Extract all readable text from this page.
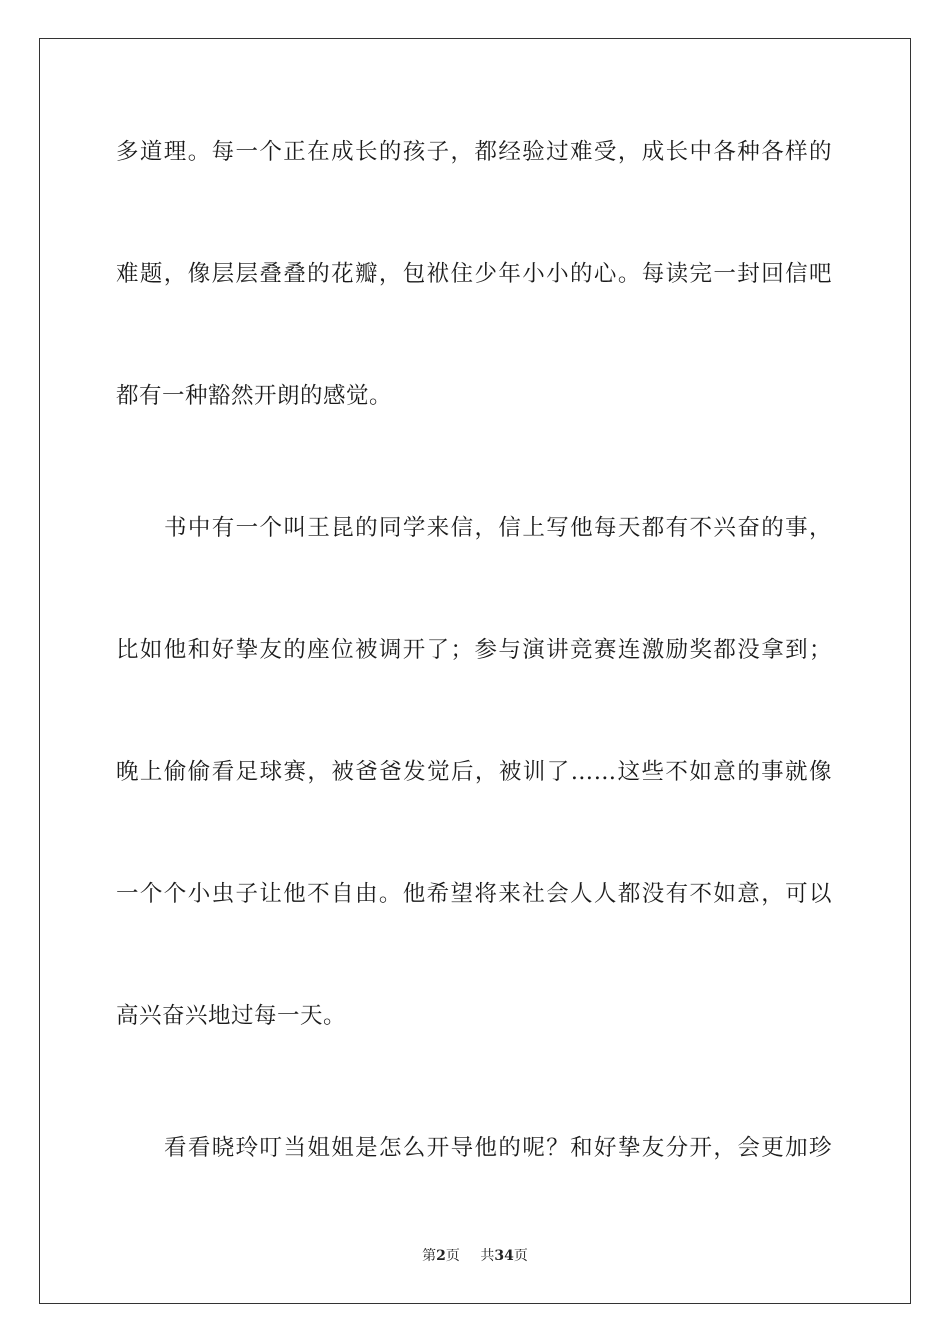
多道理。每一个正在成长的孩子，都经验过难受，成长中各种各样的
难题，像层层叠叠的花瓣，包袱住少年小小的心。每读完一封回信吧
都有一种豁然开朗的感觉。
书中有一个叫王昆的同学来信，信上写他每天都有不兴奋的事，
比如他和好挚友的座位被调开了；参与演讲竞赛连激励奖都没拿到；
晚上偷偷看足球赛，被爸爸发觉后，被训了……这些不如意的事就像
一个个小虫子让他不自由。他希望将来社会人人都没有不如意，可以
高兴奋兴地过每一天。
看看晓玲叮当姐姐是怎么开导他的呢？和好挚友分开，会更加珍
第2页 共34页
